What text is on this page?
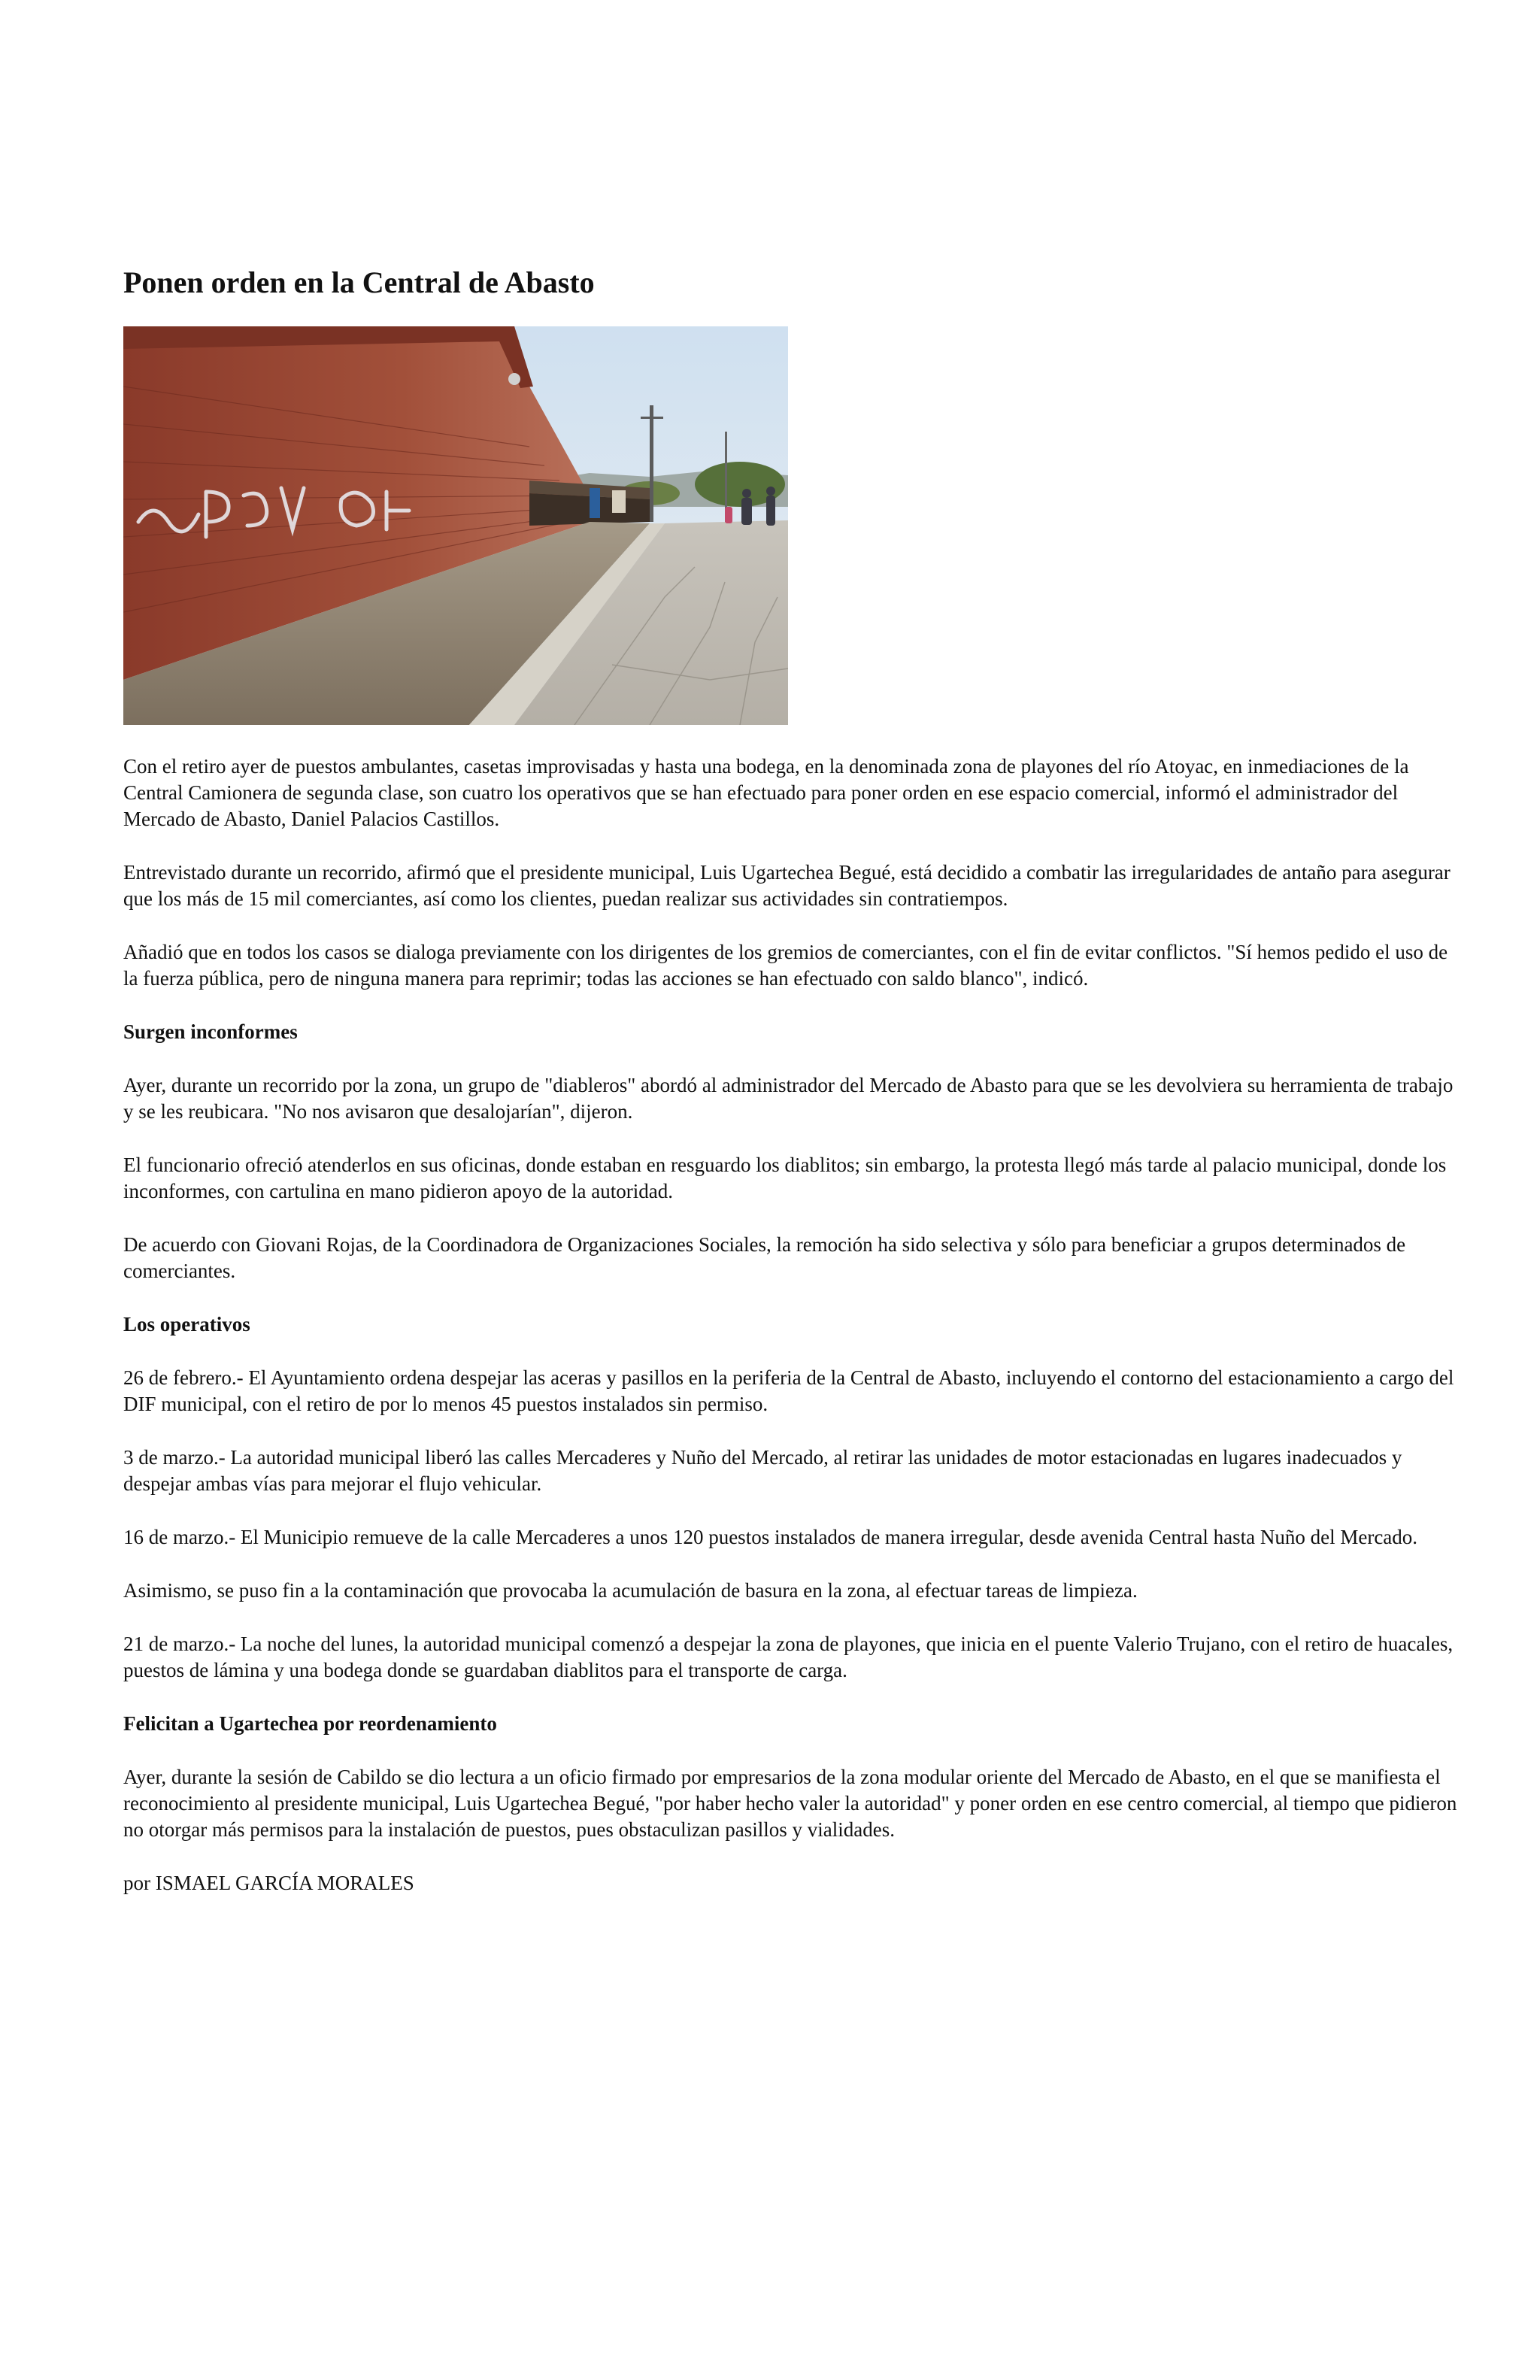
Ponen orden en la Central de Abasto

Con el retiro ayer de puestos ambulantes, casetas improvisadas y hasta una bodega, en la denominada zona de playones del río Atoyac, en inmediaciones de la Central Camionera de segunda clase, son cuatro los operativos que se han efectuado para poner orden en ese espacio comercial, informó el administrador del Mercado de Abasto, Daniel Palacios Castillos.

Entrevistado durante un recorrido, afirmó que el presidente municipal, Luis Ugartechea Begué, está decidido a combatir las irregularidades de antaño para asegurar que los más de 15 mil comerciantes, así como los clientes, puedan realizar sus actividades sin contratiempos.

Añadió que en todos los casos se dialoga previamente con los dirigentes de los gremios de comerciantes, con el fin de evitar conflictos. "Sí hemos pedido el uso de la fuerza pública, pero de ninguna manera para reprimir; todas las acciones se han efectuado con saldo blanco", indicó.

Surgen inconformes

Ayer, durante un recorrido por la zona, un grupo de "diableros" abordó al administrador del Mercado de Abasto para que se les devolviera su herramienta de trabajo y se les reubicara. "No nos avisaron que desalojarían", dijeron.

El funcionario ofreció atenderlos en sus oficinas, donde estaban en resguardo los diablitos; sin embargo, la protesta llegó más tarde al palacio municipal, donde los inconformes, con cartulina en mano pidieron apoyo de la autoridad.

De acuerdo con Giovani Rojas, de la Coordinadora de Organizaciones Sociales, la remoción ha sido selectiva y sólo para beneficiar a grupos determinados de comerciantes.

Los operativos

26 de febrero.- El Ayuntamiento ordena despejar las aceras y pasillos en la periferia de la Central de Abasto, incluyendo el contorno del estacionamiento a cargo del DIF municipal, con el retiro de por lo menos 45 puestos instalados sin permiso.

3 de marzo.- La autoridad municipal liberó las calles Mercaderes y Nuño del Mercado, al retirar las unidades de motor estacionadas en lugares inadecuados y despejar ambas vías para mejorar el flujo vehicular.

16 de marzo.- El Municipio remueve de la calle Mercaderes a unos 120 puestos instalados de manera irregular, desde avenida Central hasta Nuño del Mercado.

Asimismo, se puso fin a la contaminación que provocaba la acumulación de basura en la zona, al efectuar tareas de limpieza.

21 de marzo.- La noche del lunes, la autoridad municipal comenzó a despejar la zona de playones, que inicia en el puente Valerio Trujano, con el retiro de huacales, puestos de lámina y una bodega donde se guardaban diablitos para el transporte de carga.

Felicitan a Ugartechea por reordenamiento

Ayer, durante la sesión de Cabildo se dio lectura a un oficio firmado por empresarios de la zona modular oriente del Mercado de Abasto, en el que se manifiesta el reconocimiento al presidente municipal, Luis Ugartechea Begué, "por haber hecho valer la autoridad" y poner orden en ese centro comercial, al tiempo que pidieron no otorgar más permisos para la instalación de puestos, pues obstaculizan pasillos y vialidades.

por ISMAEL GARCÍA MORALES
